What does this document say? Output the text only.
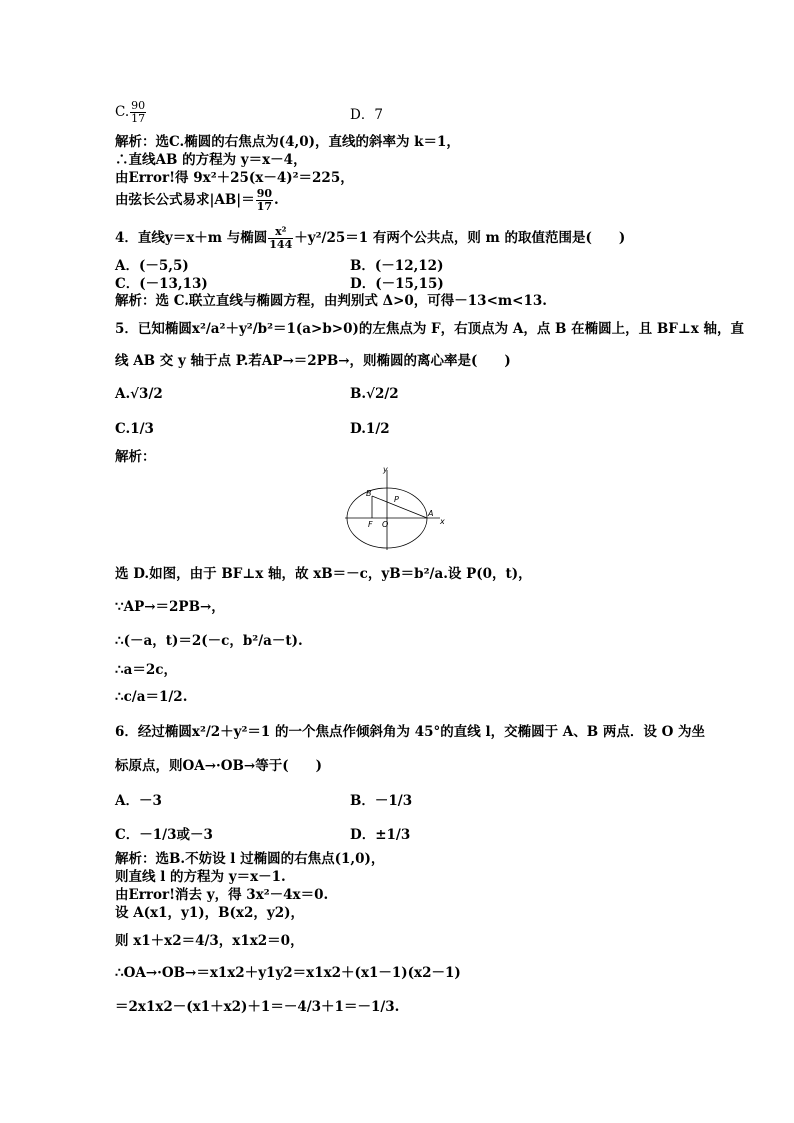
C. $\frac{90}{17}$	D．7
解析：选C.椭圆的右焦点为(4,0)，直线的斜率为 k＝1，
∴直线AB 的方程为 y＝x－4，
由Error!得 9x²＋25(x－4)²＝225，
由弦长公式易求$|AB|= \frac{90}{17}$ .
4．直线y＝x＋m 与椭圆 $\frac{\text{x²}}{144} +y^2/25=1$ 有两个公共点，则 m 的取值范围是(　　)
A．(－5,5)	B．(－12,12)
C．(－13,13)	D．(－15,15)
解析：选 C.联立直线与椭圆方程，由判别式 Δ>0，可得－13<m<13.
5．已知椭圆x²/a²＋y²/b²＝1(a>b>0)的左焦点为 F，右顶点为 A，点 B 在椭圆上，且 BF⊥x 轴，直
线 AB 交 y 轴于点 P.若AP→＝2PB→，则椭圆的离心率是(　　)
A.√3/2	B.√2/2
C.1/3	D.1/2
解析：
y
x
B
P
F O
A
选 D.如图，由于 BF⊥x 轴，故 xB＝－c，yB＝b²/a.设 P(0，t)，
∵AP→＝2PB→，
∴(－a，t)＝2(－c，b²/a－t).
∴a＝2c，
∴c/a＝1/2.
6．经过椭圆x²/2＋y²＝1 的一个焦点作倾斜角为 45°的直线 l，交椭圆于 A、B 两点．设 O 为坐
标原点，则OA→·OB→等于(　　)
A．－3	B．－1/3
C．－1/3或－3	D．±1/3
解析：选B.不妨设 l 过椭圆的右焦点(1,0)，
则直线 l 的方程为 y＝x－1.
由Error!消去 y，得 3x²－4x＝0.
设 A(x1，y1)，B(x2，y2)，
则 x1＋x2＝4/3，x1x2＝0，
∴OA→·OB→＝x1x2＋y1y2＝x1x2＋(x1－1)(x2－1)
＝2x1x2－(x1＋x2)＋1＝－4/3＋1＝－1/3.
